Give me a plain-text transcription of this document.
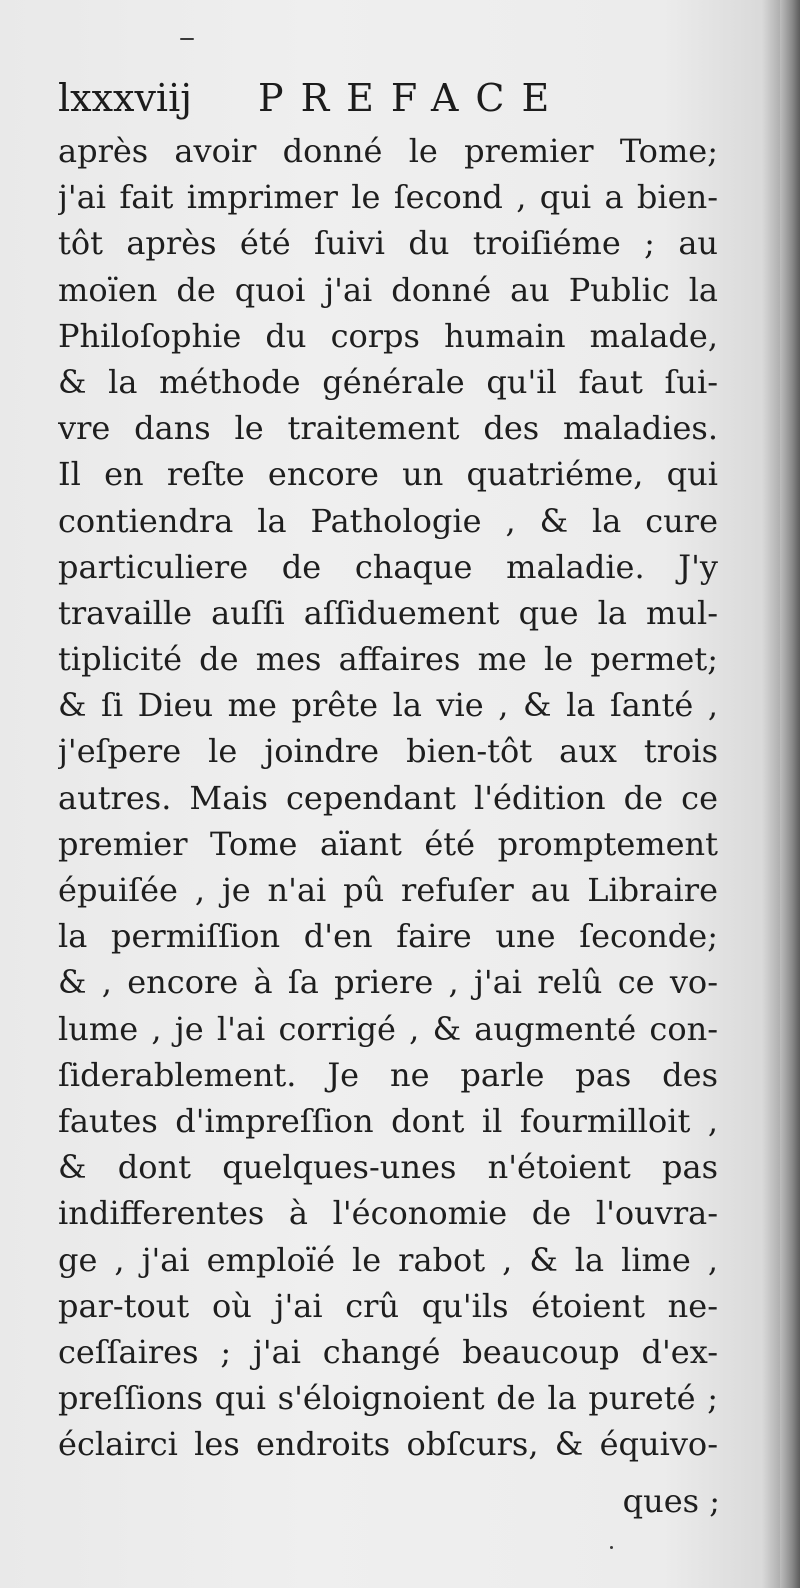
lxxxviij PREFACE
après avoir donné le premier Tome;
j'ai fait imprimer le ſecond , qui a bien-
tôt après été ſuivi du troiſiéme ; au
moïen de quoi j'ai donné au Public la
Philoſophie du corps humain malade,
& la méthode générale qu'il faut ſui-
vre dans le traitement des maladies.
Il en reſte encore un quatriéme, qui
contiendra la Pathologie , & la cure
particuliere de chaque maladie. J'y
travaille auſſi aſſiduement que la mul-
tiplicité de mes affaires me le permet;
& ſi Dieu me prête la vie , & la ſanté ,
j'eſpere le joindre bien-tôt aux trois
autres. Mais cependant l'édition de ce
premier Tome aïant été promptement
épuiſée , je n'ai pû refuſer au Libraire
la permiſſion d'en faire une ſeconde;
& , encore à ſa priere , j'ai relû ce vo-
lume , je l'ai corrigé , & augmenté con-
ſiderablement. Je ne parle pas des
fautes d'impreſſion dont il fourmilloit ,
& dont quelques-unes n'étoient pas
indifferentes à l'économie de l'ouvra-
ge , j'ai emploïé le rabot , & la lime ,
par-tout où j'ai crû qu'ils étoient ne-
ceſſaires ; j'ai changé beaucoup d'ex-
preſſions qui s'éloignoient de la pureté ;
éclairci les endroits obſcurs, & équivo-
ques ;
